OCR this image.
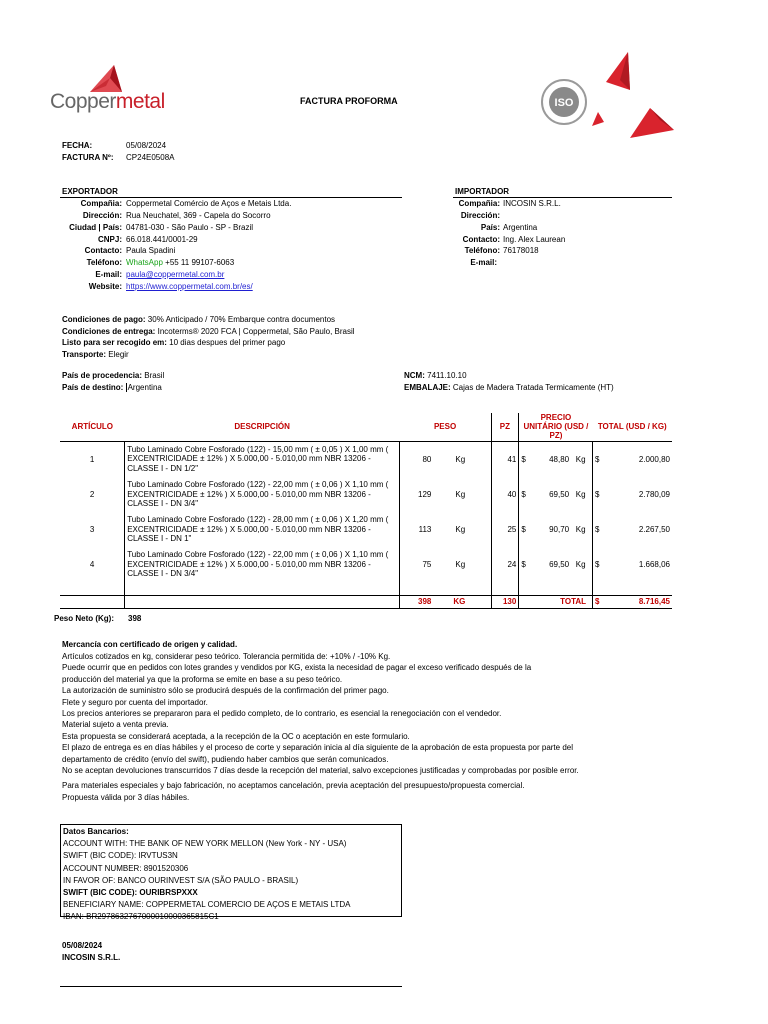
Coppermetal	FACTURA PROFORMA	ISO
FECHA:	05/08/2024
FACTURA Nº: CP24E0508A
EXPORTADOR
Compañia: Coppermetal Comércio de Aços e Metais Ltda.
Dirección: Rua Neuchatel, 369 - Capela do Socorro
Ciudad | País: 04781-030 - São Paulo - SP - Brazil
CNPJ: 66.018.441/0001-29
Contacto: Paula Spadini
Teléfono: WhatsApp +55 11 99107-6063
E-mail: paula@coppermetal.com.br
Website: https://www.coppermetal.com.br/es/
IMPORTADOR
Compañia: INCOSIN S.R.L.
Dirección:
País: Argentina
Contacto: Ing. Alex Laurean
Teléfono: 76178018
E-mail:
Condiciones de pago: 30% Anticipado / 70% Embarque contra documentos
Condiciones de entrega: Incoterms® 2020 FCA | Coppermetal, São Paulo, Brasil
Listo para ser recogido em: 10 dias despues del primer pago
Transporte: Elegir
País de procedencia: Brasil
País de destino: Argentina
NCM: 7411.10.10
EMBALAJE: Cajas de Madera Tratada Termicamente (HT)
ARTÍCULO	DESCRIPCIÓN	PESO		PZ	PRECIO UNITÁRIO (USD / PZ)		TOTAL (USD / KG)	
1	Tubo Laminado Cobre Fosforado (122) - 15,00 mm ( ± 0,05 ) X 1,00 mm ( EXCENTRICIDADE ± 12% ) X 5.000,00 - 5.010,00 mm NBR 13206 - CLASSE I - DN 1/2"	80	Kg	41	$	48,80 Kg	$	2.000,80
2	Tubo Laminado Cobre Fosforado (122) - 22,00 mm ( ± 0,06 ) X 1,10 mm ( EXCENTRICIDADE ± 12% ) X 5.000,00 - 5.010,00 mm NBR 13206 - CLASSE I - DN 3/4"	129	Kg	40	$	69,50 Kg	$	2.780,09
3	Tubo Laminado Cobre Fosforado (122) - 28,00 mm ( ± 0,06 ) X 1,20 mm ( EXCENTRICIDADE ± 12% ) X 5.000,00 - 5.010,00 mm NBR 13206 - CLASSE I - DN 1"	113	Kg	25	$	90,70 Kg	$	2.267,50
4	Tubo Laminado Cobre Fosforado (122) - 22,00 mm ( ± 0,06 ) X 1,10 mm ( EXCENTRICIDADE ± 12% ) X 5.000,00 - 5.010,00 mm NBR 13206 - CLASSE I - DN 3/4"	75	Kg	24	$	69,50 Kg	$	1.668,06

		398	KG	130		TOTAL	$	8.716,45
Peso Neto (Kg): 398
Mercancía con certificado de origen y calidad.
Artículos cotizados en kg, considerar peso teórico. Tolerancia permitida de: +10% / -10% Kg.
Puede ocurrir que en pedidos con lotes grandes y vendidos por KG, exista la necesidad de pagar el exceso verificado después de la
producción del material ya que la proforma se emite en base a su peso teórico.
La autorización de suministro sólo se producirá después de la confirmación del primer pago.
Flete y seguro por cuenta del importador.
Los precios anteriores se prepararon para el pedido completo, de lo contrario, es esencial la renegociación con el vendedor.
Material sujeto a venta previa.
Esta propuesta se considerará aceptada, a la recepción de la OC o aceptación en este formulario.
El plazo de entrega es en días hábiles y el proceso de corte y separación inicia al día siguiente de la aprobación de esta propuesta por parte del
departamento de crédito (envío del swift), pudiendo haber cambios que serán comunicados.
No se aceptan devoluciones transcurridos 7 días desde la recepción del material, salvo excepciones justificadas y comprobadas por posible error.
Para materiales especiales y bajo fabricación, no aceptamos cancelación, previa aceptación del presupuesto/propuesta comercial.
Propuesta válida por 3 días hábiles.
Datos Bancarios:
ACCOUNT WITH: THE BANK OF NEW YORK MELLON (New York - NY - USA)
SWIFT (BIC CODE): IRVTUS3N
ACCOUNT NUMBER: 8901520306
IN FAVOR OF: BANCO OURINVEST S/A (SÃO PAULO - BRASIL)
SWIFT (BIC CODE): OURIBRSPXXX
BENEFICIARY NAME: COPPERMETAL COMERCIO DE AÇOS E METAIS LTDA
IBAN: BR2978632767000010000365815C1
05/08/2024
INCOSIN S.R.L.
